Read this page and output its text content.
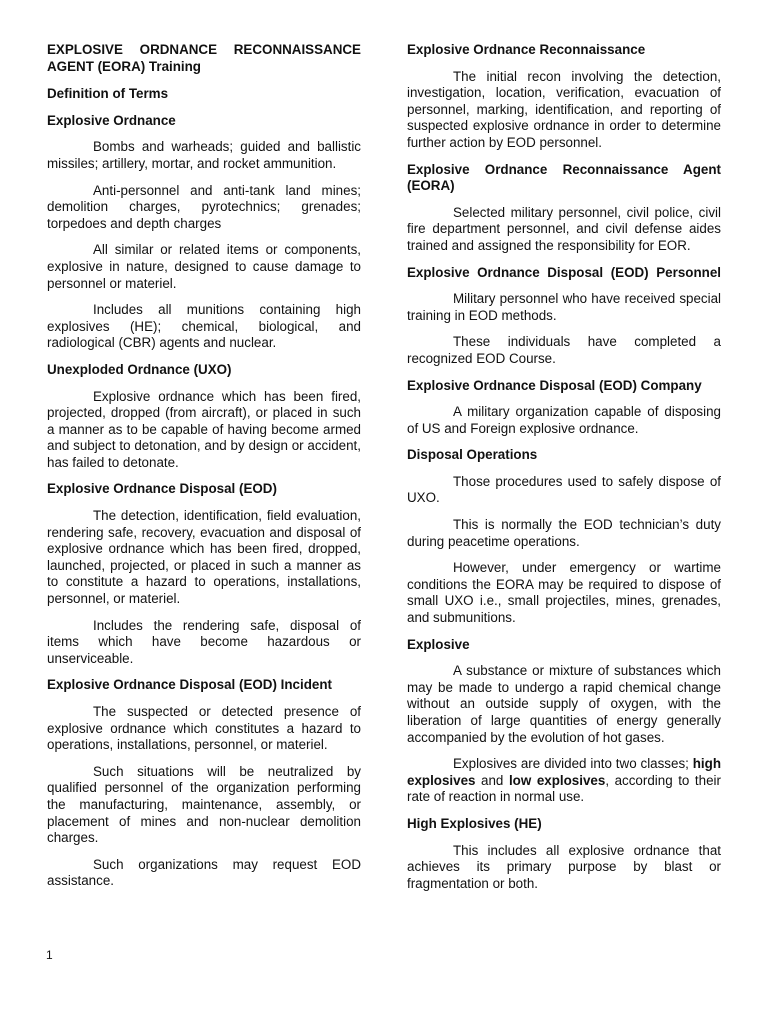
EXPLOSIVE ORDNANCE RECONNAISSANCE AGENT (EORA) Training
Definition of Terms
Explosive Ordnance
Bombs and warheads; guided and ballistic missiles; artillery, mortar, and rocket ammunition.
Anti-personnel and anti-tank land mines; demolition charges, pyrotechnics; grenades; torpedoes and depth charges
All similar or related items or components, explosive in nature, designed to cause damage to personnel or materiel.
Includes all munitions containing high explosives (HE); chemical, biological, and radiological (CBR) agents and nuclear.
Unexploded Ordnance (UXO)
Explosive ordnance which has been fired, projected, dropped (from aircraft), or placed in such a manner as to be capable of having become armed and subject to detonation, and by design or accident, has failed to detonate.
Explosive Ordnance Disposal (EOD)
The detection, identification, field evaluation, rendering safe, recovery, evacuation and disposal of explosive ordnance which has been fired, dropped, launched, projected, or placed in such a manner as to constitute a hazard to operations, installations, personnel, or materiel.
Includes the rendering safe, disposal of items which have become hazardous or unserviceable.
Explosive Ordnance Disposal (EOD) Incident
The suspected or detected presence of explosive ordnance which constitutes a hazard to operations, installations, personnel, or materiel.
Such situations will be neutralized by qualified personnel of the organization performing the manufacturing, maintenance, assembly, or placement of mines and non-nuclear demolition charges.
Such organizations may request EOD assistance.
Explosive Ordnance Reconnaissance
The initial recon involving the detection, investigation, location, verification, evacuation of personnel, marking, identification, and reporting of suspected explosive ordnance in order to determine further action by EOD personnel.
Explosive Ordnance Reconnaissance Agent (EORA)
Selected military personnel, civil police, civil fire department personnel, and civil defense aides trained and assigned the responsibility for EOR.
Explosive Ordnance Disposal (EOD) Personnel
Military personnel who have received special training in EOD methods.
These individuals have completed a recognized EOD Course.
Explosive Ordnance Disposal (EOD) Company
A military organization capable of disposing of US and Foreign explosive ordnance.
Disposal Operations
Those procedures used to safely dispose of UXO.
This is normally the EOD technician’s duty during peacetime operations.
However, under emergency or wartime conditions the EORA may be required to dispose of small UXO i.e., small projectiles, mines, grenades, and submunitions.
Explosive
A substance or mixture of substances which may be made to undergo a rapid chemical change without an outside supply of oxygen, with the liberation of large quantities of energy generally accompanied by the evolution of hot gases.
Explosives are divided into two classes; high explosives and low explosives, according to their rate of reaction in normal use.
High Explosives (HE)
This includes all explosive ordnance that achieves its primary purpose by blast or fragmentation or both.
1
